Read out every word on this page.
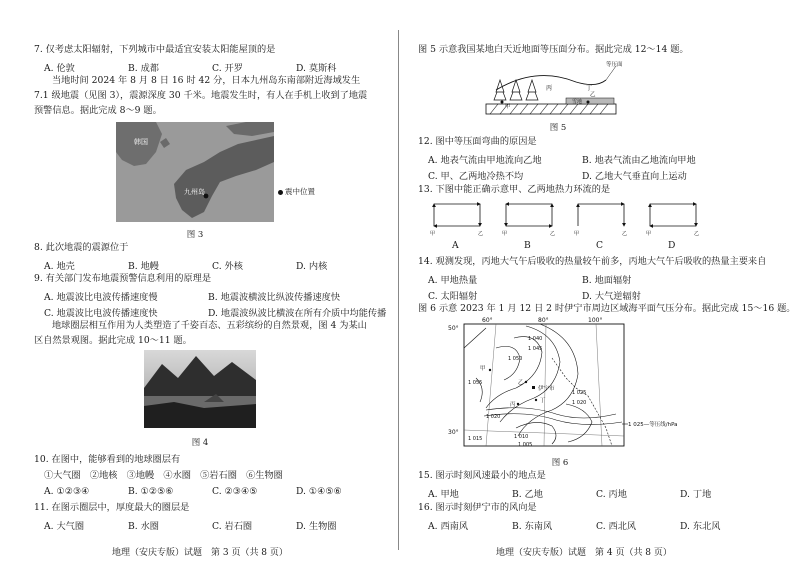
7. 仅考虑太阳辐射，下列城市中最适宜安装太阳能屋顶的是
A. 伦敦	B. 成都	C. 开罗	D. 莫斯科
当地时间 2024 年 8 月 8 日 16 时 42 分，日本九州岛东南部附近海域发生 7.1 级地震（见图 3），震源深度 30 千米。地震发生时，有人在手机上收到了地震预警信息。据此完成 8～9 题。
韩国
九州岛	震中位置
图 3
8. 此次地震的震源位于
A. 地壳	B. 地幔	C. 外核	D. 内核
9. 有关部门发布地震预警信息利用的原理是
A. 地震波比电波传播速度慢	B. 地震波横波比纵波传播速度快
C. 地震波比电波传播速度快	D. 地震波纵波比横波在所有介质中均能传播
地球圈层相互作用为人类塑造了千姿百态、五彩缤纷的自然景观，图 4 为某山区自然景观图。据此完成 10～11 题。
图 4
10. 在图中，能够看到的地球圈层有
①大气圈　②地核　③地幔　④水圈　⑤岩石圈　⑥生物圈
A. ①②③④	B. ①②⑤⑥	C. ②③④⑤	D. ①④⑤⑥
11. 在图示圈层中，厚度最大的圈层是
A. 大气圈	B. 水圈	C. 岩石圈	D. 生物圈
地理（安庆专版）试题　第 3 页（共 8 页）
图 5 示意我国某地白天近地面等压面分布。据此完成 12～14 题。
等压面
丙	丁
甲
乙
雪地
图 5
12. 图中等压面弯曲的原因是
A. 地表气流由甲地流向乙地	B. 地表气流由乙地流向甲地
C. 甲、乙两地冷热不均	D. 乙地大气垂直向上运动
13. 下图中能正确示意甲、乙两地热力环流的是
甲	乙	甲	乙	甲	乙	甲	乙
A	B	C	D
14. 观测发现，丙地大气午后吸收的热量较午前多，丙地大气午后吸收的热量主要来自
A. 甲地热量	B. 地面辐射
C. 太阳辐射	D. 大气逆辐射
图 6 示意 2023 年 1 月 12 日 2 时伊宁市周边区域海平面气压分布。据此完成 15～16 题。
60°	80°	100°
50°
30°
1 040
1 045
1 050
1 055
1 025
1 020
1 010
1 005
1 015
1 020
伊宁市
甲
乙
丙
丁
1 025—等压线/hPa
图 6
15. 图示时刻风速最小的地点是
A. 甲地	B. 乙地	C. 丙地	D. 丁地
16. 图示时刻伊宁市的风向是
A. 西南风	B. 东南风	C. 西北风	D. 东北风
地理（安庆专版）试题　第 4 页（共 8 页）
